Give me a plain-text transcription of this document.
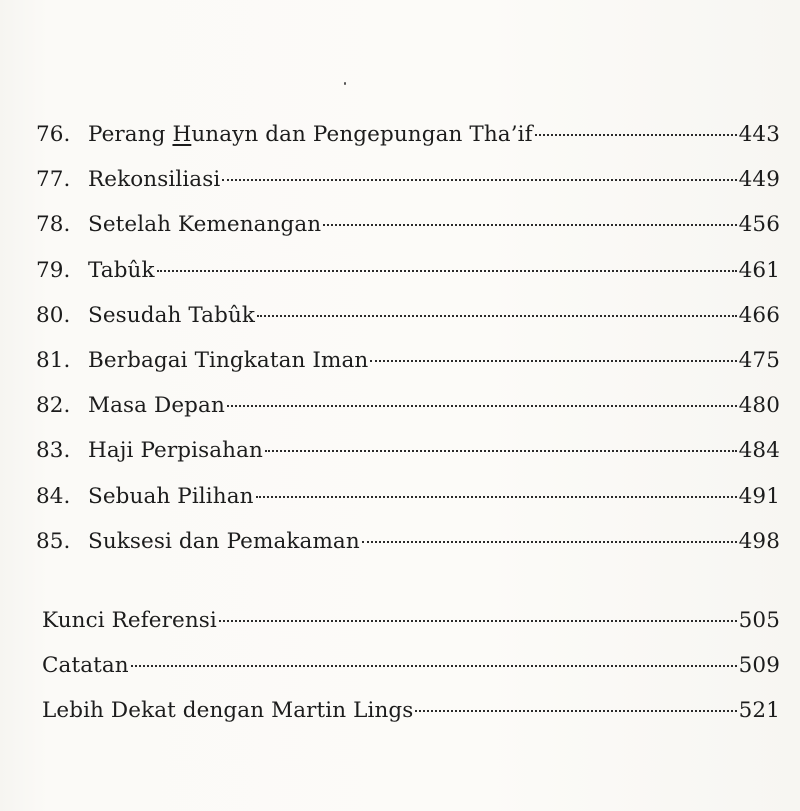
76. Perang Hunayn dan Pengepungan Tha’if	443
77. Rekonsiliasi	449
78. Setelah Kemenangan	456
79. Tabûk	461
80. Sesudah Tabûk	466
81. Berbagai Tingkatan Iman	475
82. Masa Depan	480
83. Haji Perpisahan	484
84. Sebuah Pilihan	491
85. Suksesi dan Pemakaman	498
Kunci Referensi	505
Catatan	509
Lebih Dekat dengan Martin Lings	521
